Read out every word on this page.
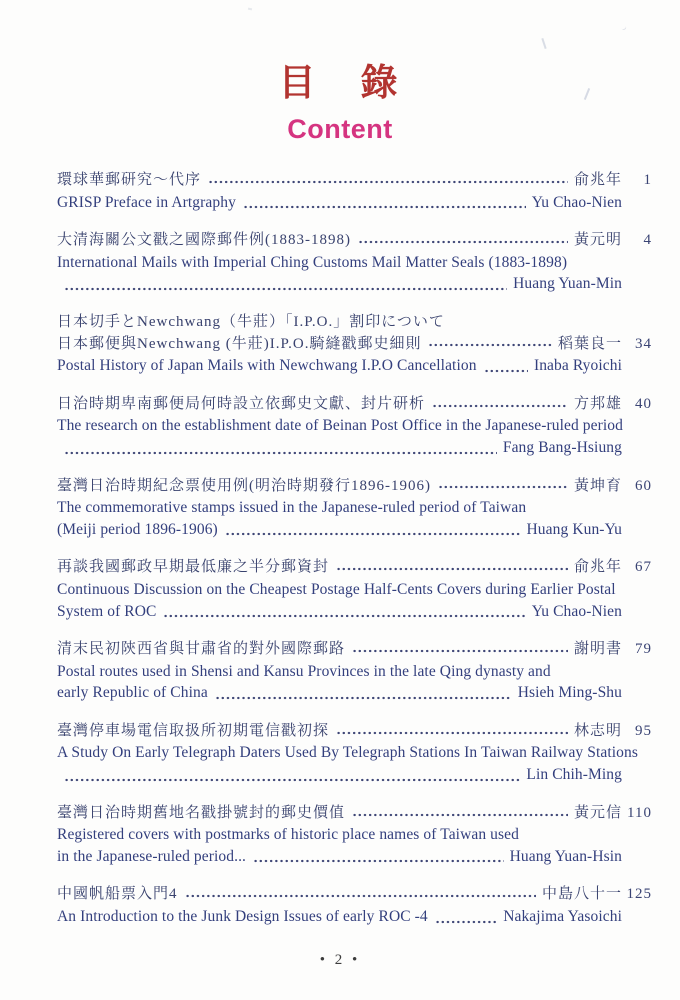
目　錄
Content
環球華郵研究～代序	俞兆年	1
GRISP Preface in Artgraphy	Yu Chao-Nien
大清海關公文戳之國際郵件例(1883-1898)	黃元明	4
International Mails with Imperial Ching Customs Mail Matter Seals (1883-1898)
Huang Yuan-Min
日本切手とNewchwang（牛莊）「I.P.O.」割印について
日本郵便與Newchwang (牛莊)I.P.O.騎縫戳郵史細則	稻葉良一 34
Postal History of Japan Mails with Newchwang I.P.O Cancellation	Inaba Ryoichi
日治時期卑南郵便局何時設立依郵史文獻、封片研析	方邦雄 40
The research on the establishment date of Beinan Post Office in the Japanese-ruled period
Fang Bang-Hsiung
臺灣日治時期紀念票使用例(明治時期發行1896-1906)	黃坤育 60
The commemorative stamps issued in the Japanese-ruled period of Taiwan
(Meiji period 1896-1906)	Huang Kun-Yu
再談我國郵政早期最低廉之半分郵資封	俞兆年 67
Continuous Discussion on the Cheapest Postage Half-Cents Covers during Earlier Postal
System of ROC	Yu Chao-Nien
清末民初陝西省與甘肅省的對外國際郵路	謝明書 79
Postal routes used in Shensi and Kansu Provinces in the late Qing dynasty and
early Republic of China	Hsieh Ming-Shu
臺灣停車場電信取扱所初期電信戳初探	林志明 95
A Study On Early Telegraph Daters Used By Telegraph Stations In Taiwan Railway Stations
Lin Chih-Ming
臺灣日治時期舊地名戳掛號封的郵史價值	黃元信 110
Registered covers with postmarks of historic place names of Taiwan used
in the Japanese-ruled period...	Huang Yuan-Hsin
中國帆船票入門4	中島八十一 125
An Introduction to the Junk Design Issues of early ROC -4	Nakajima Yasoichi
• 2 •
